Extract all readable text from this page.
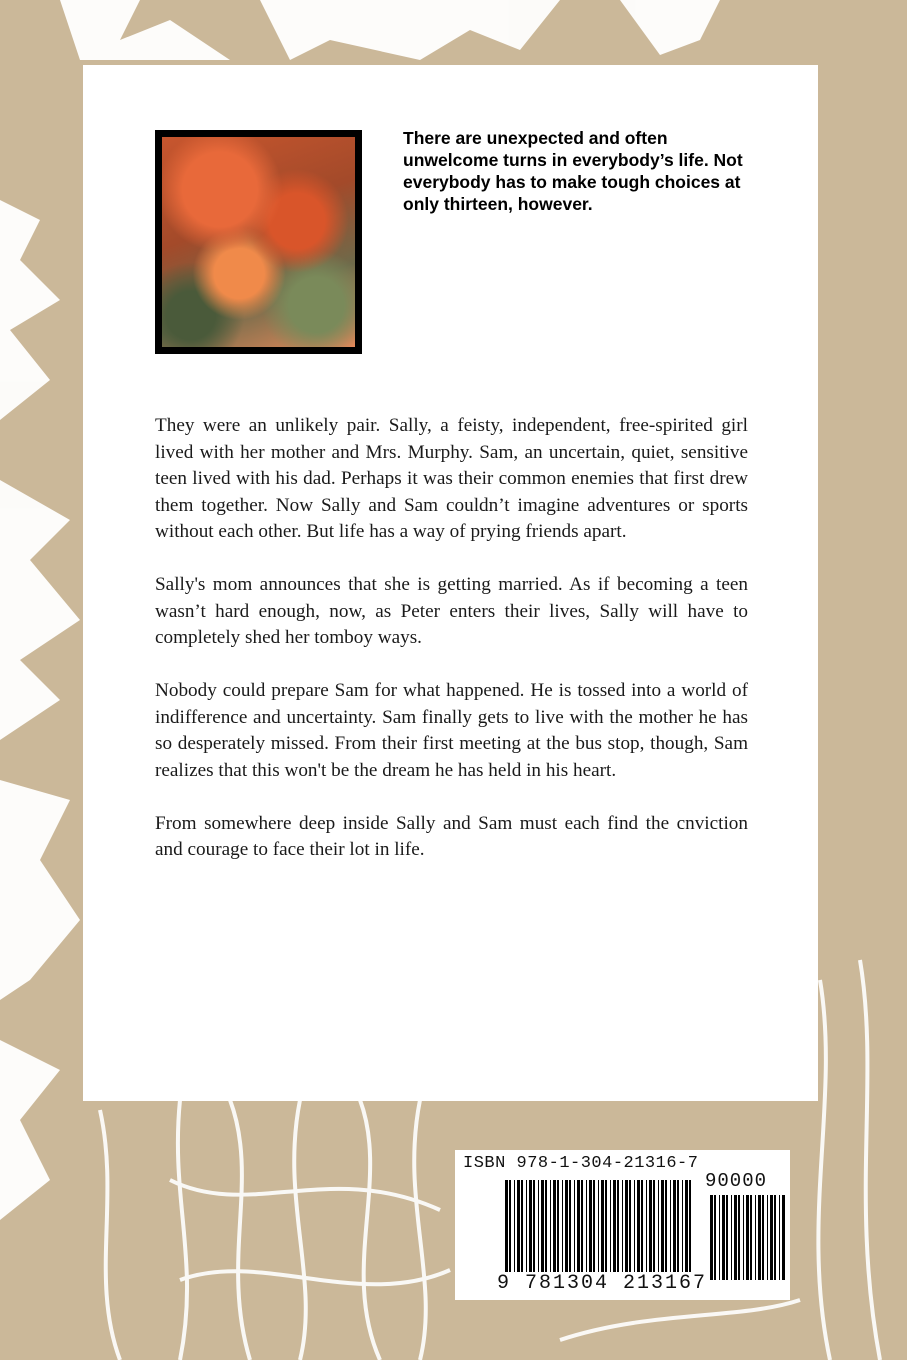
There are unexpected and often unwelcome turns in everybody’s life. Not everybody has to make tough choices at only thirteen, however.

They were an unlikely pair. Sally, a feisty, independent, free-spirited girl lived with her mother and Mrs. Murphy. Sam, an uncertain, quiet, sensitive teen lived with his dad. Perhaps it was their common enemies that first drew them together. Now Sally and Sam couldn’t imagine adventures or sports without each other. But life has a way of prying friends apart.

Sally's mom announces that she is getting married. As if becoming a teen wasn’t hard enough, now, as Peter enters their lives, Sally will have to completely shed her tomboy ways.

Nobody could prepare Sam for what happened. He is tossed into a world of indifference and uncertainty. Sam finally gets to live with the mother he has so desperately missed. From their first meeting at the bus stop, though, Sam realizes that this won't be the dream he has held in his heart.

From somewhere deep inside Sally and Sam must each find the cnviction and courage to face their lot in life.

ISBN 978-1-304-21316-7
90000
9 781304 213167
